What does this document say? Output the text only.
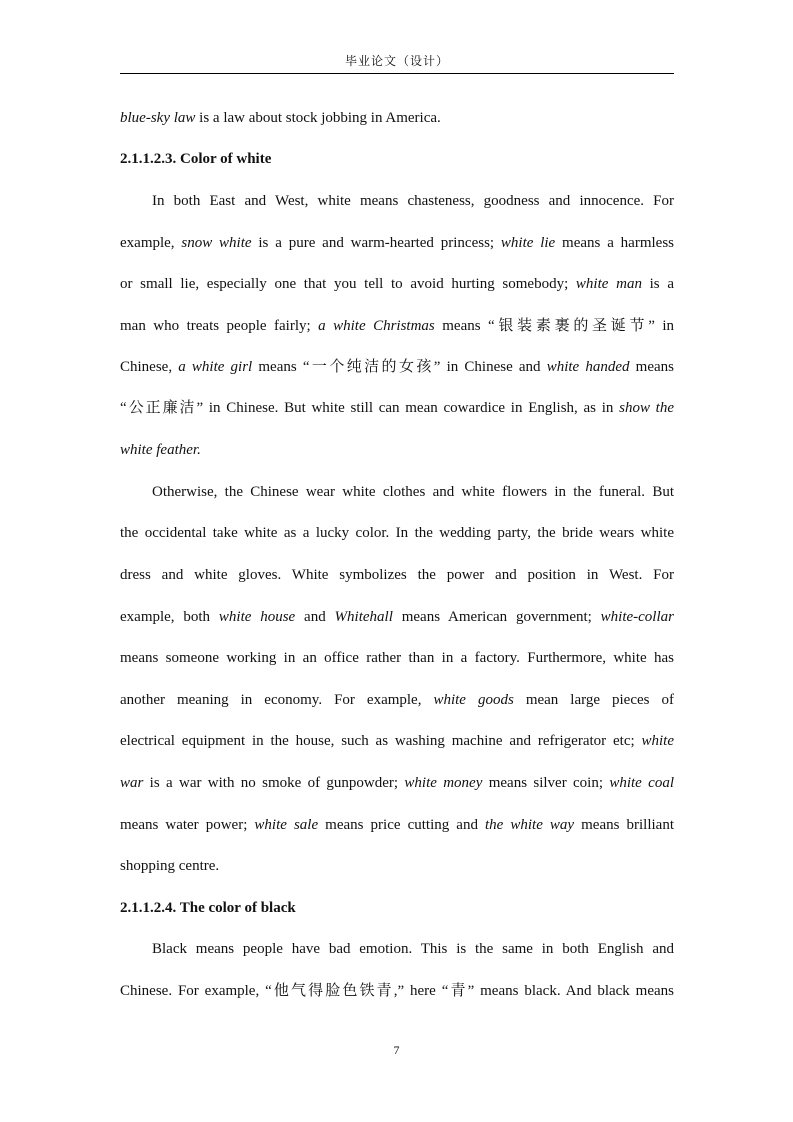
毕业论文（设计）
blue-sky law is a law about stock jobbing in America.
2.1.1.2.3. Color of white
In both East and West, white means chasteness, goodness and innocence. For
example, snow white is a pure and warm-hearted princess; white lie means a harmless
or small lie, especially one that you tell to avoid hurting somebody; white man is a
man who treats people fairly; a white Christmas means “银装素裹的圣诞节” in
Chinese, a white girl means “一个纯洁的女孩” in Chinese and white handed means
“公正廉洁” in Chinese. But white still can mean cowardice in English, as in show the
white feather.
Otherwise, the Chinese wear white clothes and white flowers in the funeral. But
the occidental take white as a lucky color. In the wedding party, the bride wears white
dress and white gloves. White symbolizes the power and position in West. For
example, both white house and Whitehall means American government; white-collar
means someone working in an office rather than in a factory. Furthermore, white has
another meaning in economy. For example, white goods mean large pieces of
electrical equipment in the house, such as washing machine and refrigerator etc; white
war is a war with no smoke of gunpowder; white money means silver coin; white coal
means water power; white sale means price cutting and the white way means brilliant
shopping centre.
2.1.1.2.4. The color of black
Black means people have bad emotion. This is the same in both English and
Chinese. For example, “他气得脸色铁青,” here “青” means black. And black means
7
